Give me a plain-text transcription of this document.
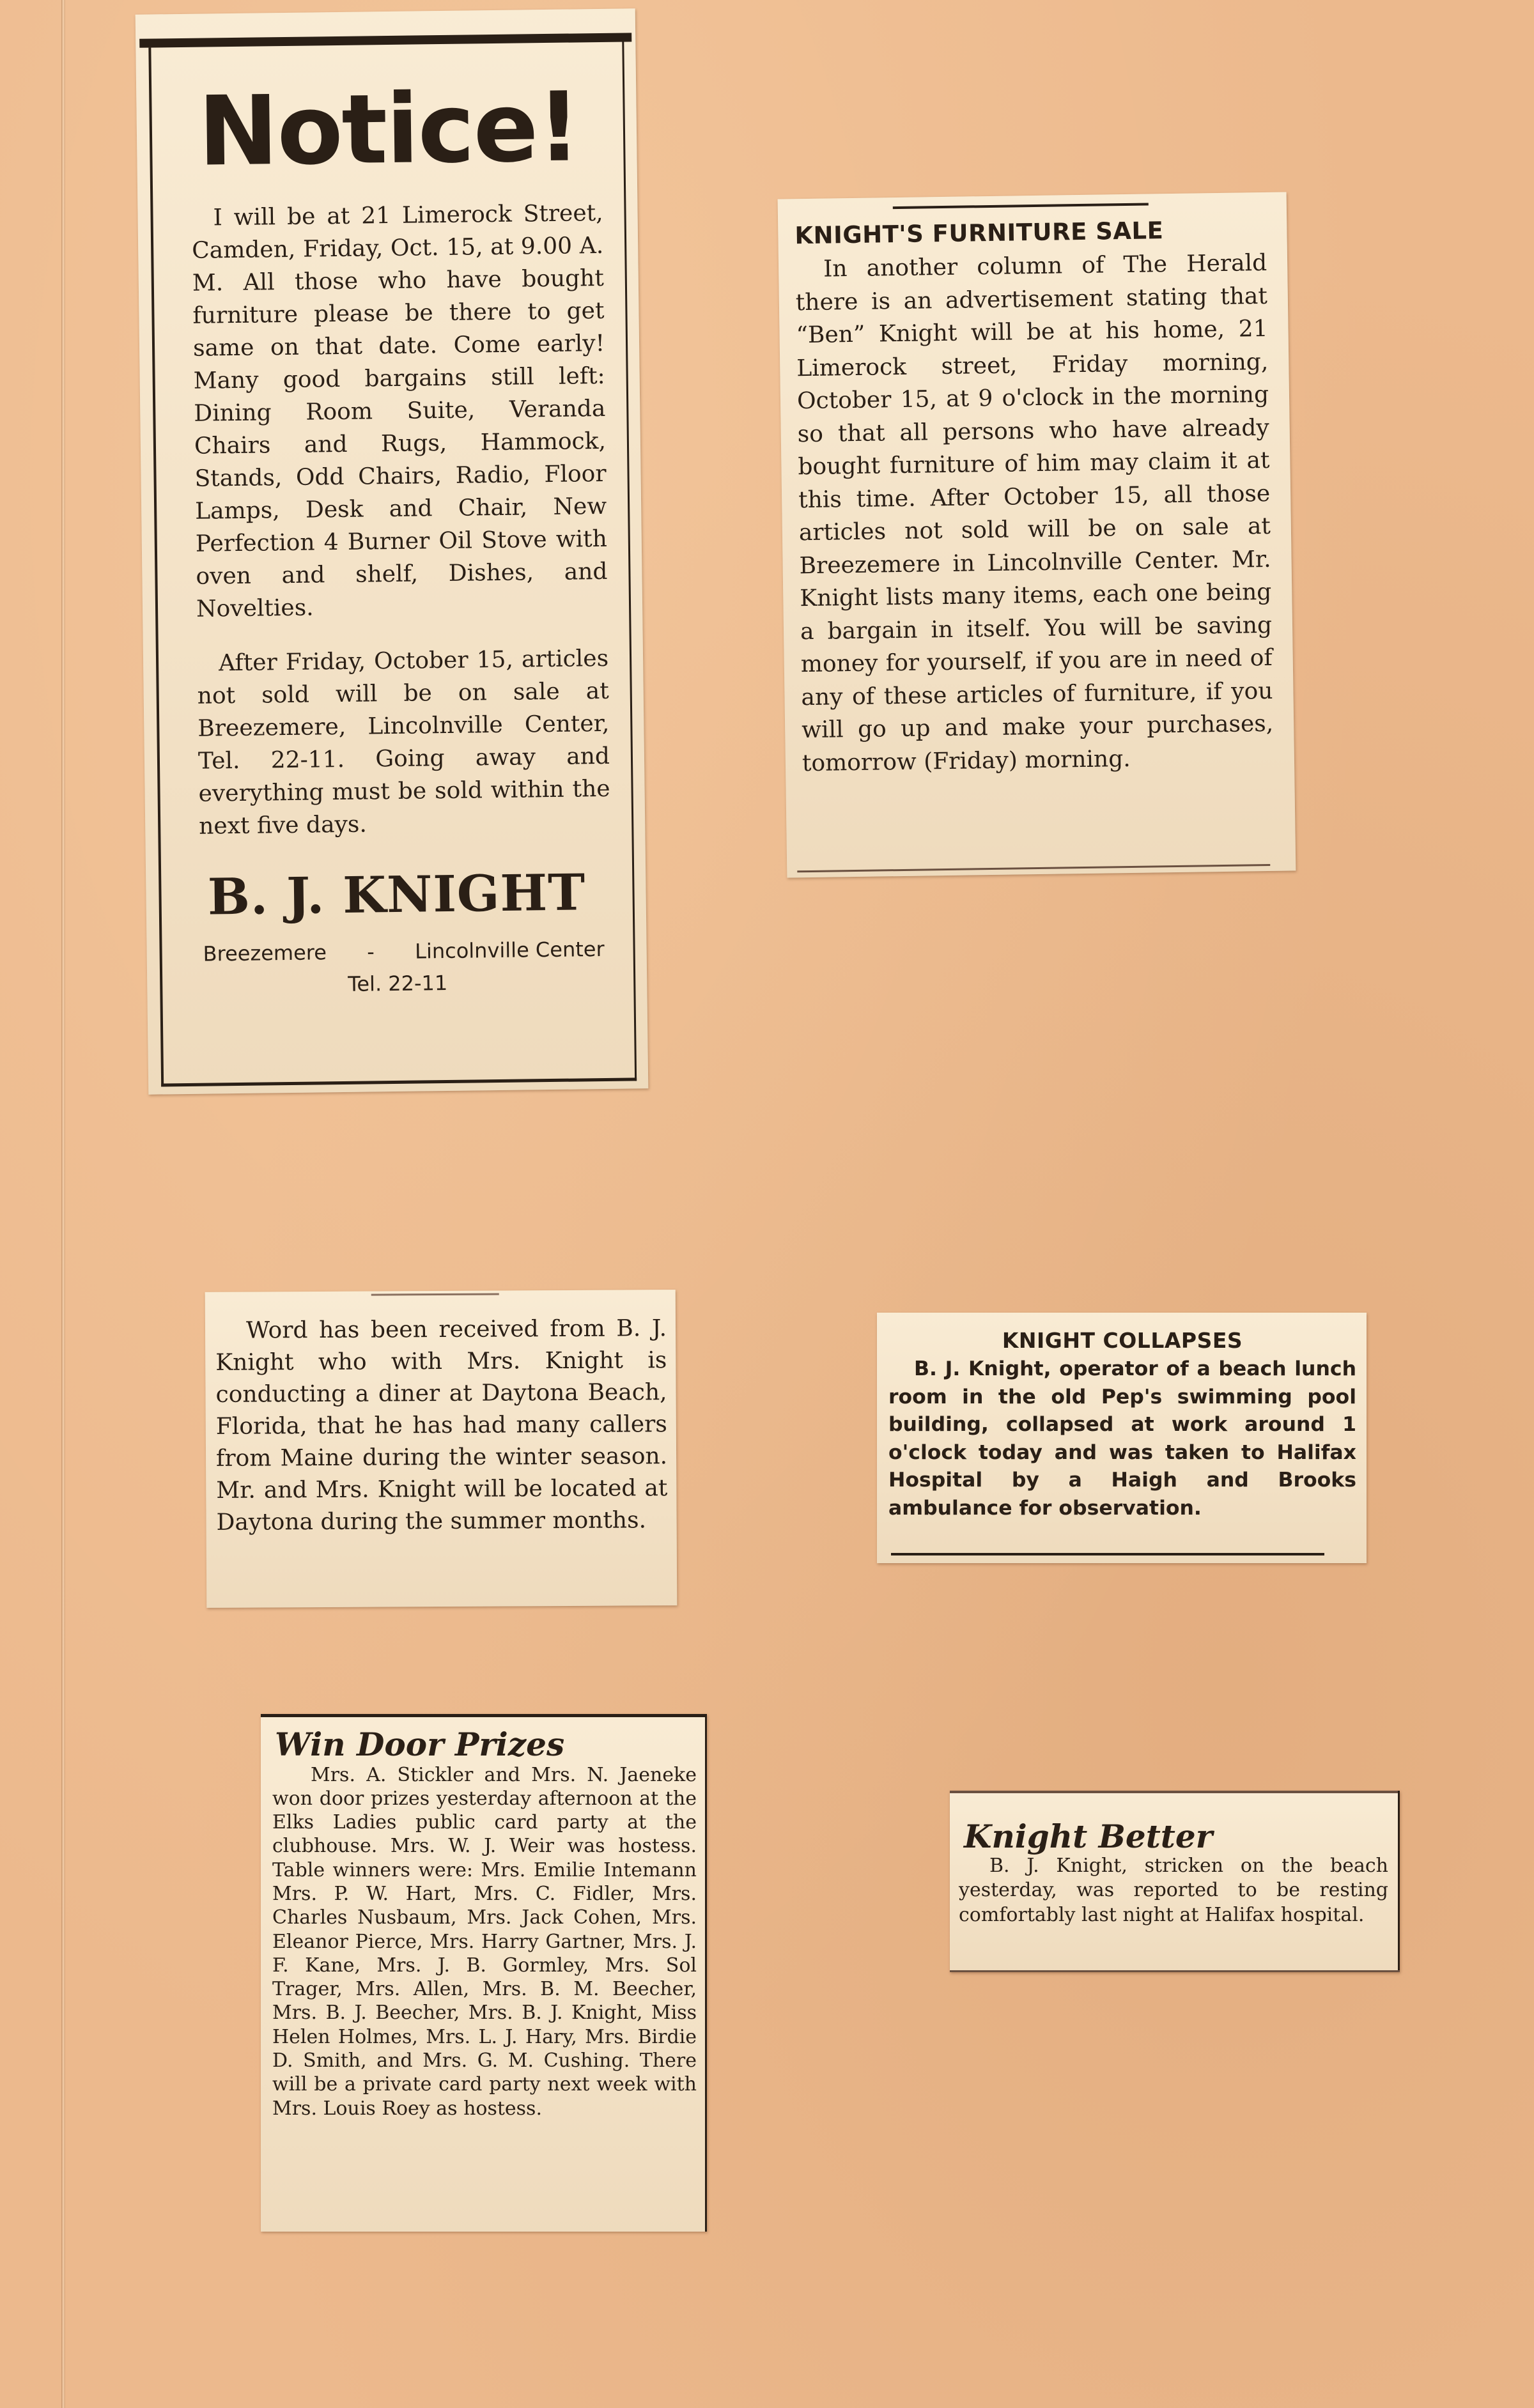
Notice!

I will be at 21 Limerock Street, Camden, Friday, Oct. 15, at 9.00 A. M. All those who have bought furniture please be there to get same on that date. Come early! Many good bargains still left: Dining Room Suite, Veranda Chairs and Rugs, Hammock, Stands, Odd Chairs, Radio, Floor Lamps, Desk and Chair, New Perfection 4 Burner Oil Stove with oven and shelf, Dishes, and Novelties.

After Friday, October 15, articles not sold will be on sale at Breezemere, Lincolnville Center, Tel. 22-11. Going away and everything must be sold within the next five days.

B. J. KNIGHT
Breezemere - Lincolnville Center
Tel. 22-11
KNIGHT'S FURNITURE SALE

In another column of The Herald there is an advertisement stating that “Ben” Knight will be at his home, 21 Limerock street, Friday morning, October 15, at 9 o'clock in the morning so that all persons who have already bought furniture of him may claim it at this time. After October 15, all those articles not sold will be on sale at Breezemere in Lincolnville Center. Mr. Knight lists many items, each one being a bargain in itself. You will be saving money for yourself, if you are in need of any of these articles of furniture, if you will go up and make your purchases, tomorrow (Friday) morning.

Word has been received from B. J. Knight who with Mrs. Knight is conducting a diner at Daytona Beach, Florida, that he has had many callers from Maine during the winter season. Mr. and Mrs. Knight will be located at Daytona during the summer months.

KNIGHT COLLAPSES

B. J. Knight, operator of a beach lunch room in the old Pep's swimming pool building, collapsed at work around 1 o'clock today and was taken to Halifax Hospital by a Haigh and Brooks ambulance for observation.

Win Door Prizes

Mrs. A. Stickler and Mrs. N. Jaeneke won door prizes yesterday afternoon at the Elks Ladies public card party at the clubhouse. Mrs. W. J. Weir was hostess. Table winners were: Mrs. Emilie Intemann Mrs. P. W. Hart, Mrs. C. Fidler, Mrs. Charles Nusbaum, Mrs. Jack Cohen, Mrs. Eleanor Pierce, Mrs. Harry Gartner, Mrs. J. F. Kane, Mrs. J. B. Gormley, Mrs. Sol Trager, Mrs. Allen, Mrs. B. M. Beecher, Mrs. B. J. Beecher, Mrs. B. J. Knight, Miss Helen Holmes, Mrs. L. J. Hary, Mrs. Birdie D. Smith, and Mrs. G. M. Cushing. There will be a private card party next week with Mrs. Louis Roey as hostess.

Knight Better

B. J. Knight, stricken on the beach yesterday, was reported to be resting comfortably last night at Halifax hospital.
